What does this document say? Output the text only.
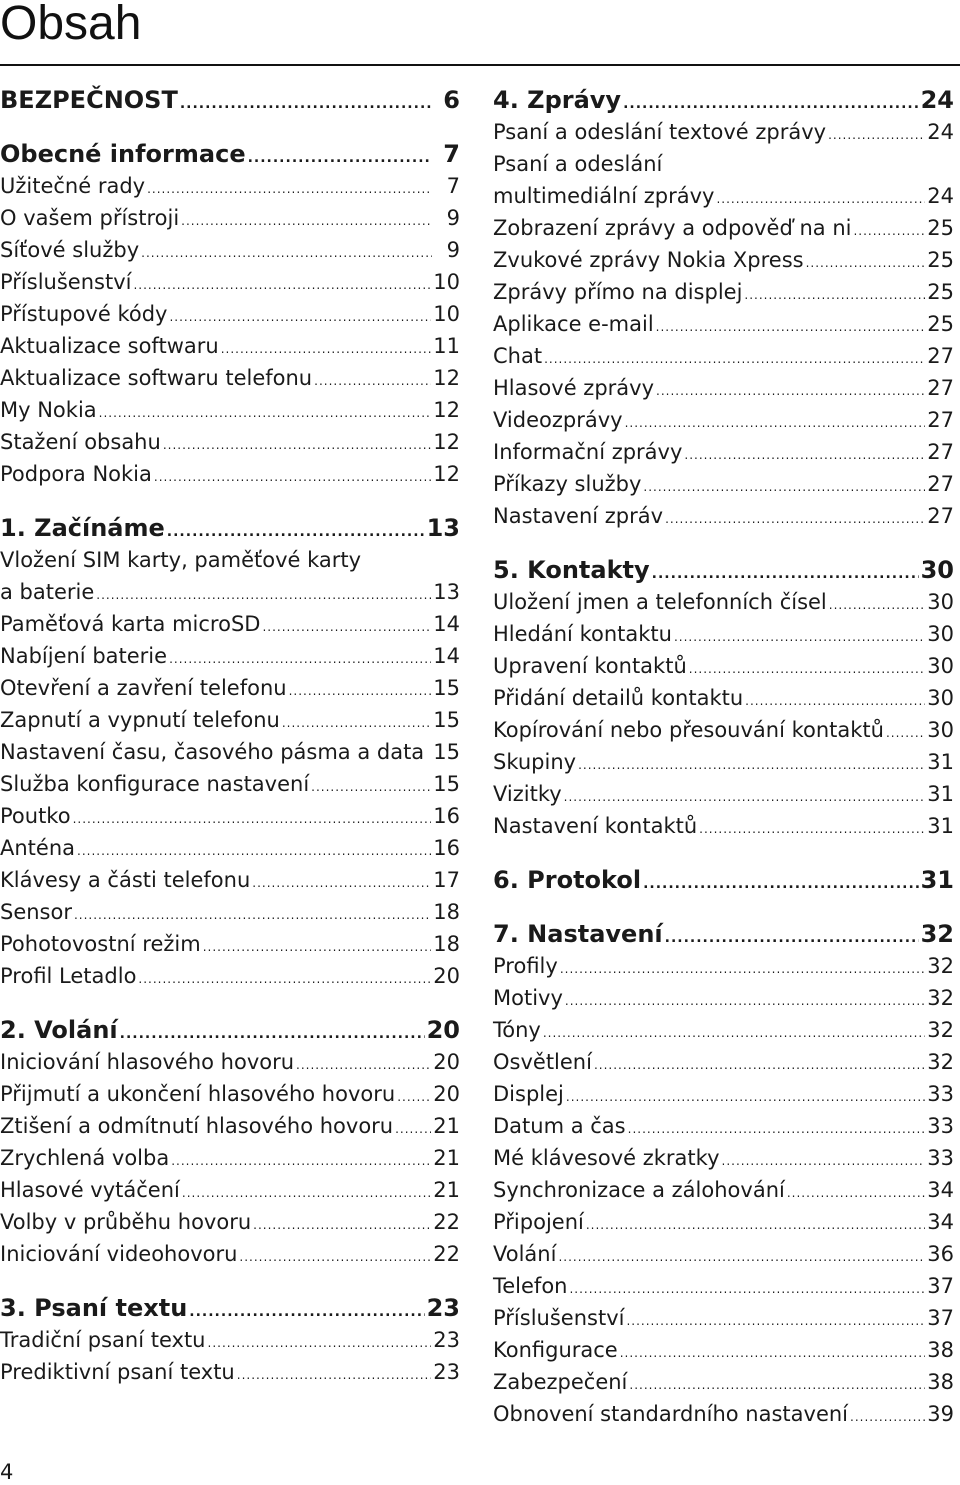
Obsah
BEZPEČNOST .....	6
Obecné informace .....	7
Užitečné rady .....	7
O vašem přístroji .....	9
Síťové služby .....	9
Příslušenství .....	10
Přístupové kódy .....	10
Aktualizace softwaru .....	11
Aktualizace softwaru telefonu .....	12
My Nokia .....	12
Stažení obsahu .....	12
Podpora Nokia .....	12
1. Začínáme .....	13
Vložení SIM karty, paměťové karty
a baterie .....	13
Paměťová karta microSD .....	14
Nabíjení baterie .....	14
Otevření a zavření telefonu .....	15
Zapnutí a vypnutí telefonu .....	15
Nastavení času, časového pásma a data 15
Služba konfigurace nastavení .....	15
Poutko .....	16
Anténa .....	16
Klávesy a části telefonu .....	17
Sensor .....	18
Pohotovostní režim .....	18
Profil Letadlo .....	20
2. Volání .....	20
Iniciování hlasového hovoru .....	20
Přijmutí a ukončení hlasového hovoru ..... 20
Ztišení a odmítnutí hlasového hovoru ..... 21
Zrychlená volba .....	21
Hlasové vytáčení .....	21
Volby v průběhu hovoru .....	22
Iniciování videohovoru .....	22
3. Psaní textu .....	23
Tradiční psaní textu .....	23
Prediktivní psaní textu .....	23
4. Zprávy .....	24
Psaní a odeslání textové zprávy .....	24
Psaní a odeslání
multimediální zprávy .....	24
Zobrazení zprávy a odpověď na ni .....	25
Zvukové zprávy Nokia Xpress .....	25
Zprávy přímo na displej .....	25
Aplikace e-mail .....	25
Chat .....	27
Hlasové zprávy .....	27
Videozprávy .....	27
Informační zprávy .....	27
Příkazy služby .....	27
Nastavení zpráv .....	27
5. Kontakty .....	30
Uložení jmen a telefonních čísel .....	30
Hledání kontaktu .....	30
Upravení kontaktů .....	30
Přidání detailů kontaktu .....	30
Kopírování nebo přesouvání kontaktů ..... 30
Skupiny .....	31
Vizitky .....	31
Nastavení kontaktů .....	31
6. Protokol .....	31
7. Nastavení .....	32
Profily .....	32
Motivy .....	32
Tóny .....	32
Osvětlení .....	32
Displej .....	33
Datum a čas .....	33
Mé klávesové zkratky .....	33
Synchronizace a zálohování .....	34
Připojení .....	34
Volání .....	36
Telefon .....	37
Příslušenství .....	37
Konfigurace .....	38
Zabezpečení .....	38
Obnovení standardního nastavení .....	39
4
